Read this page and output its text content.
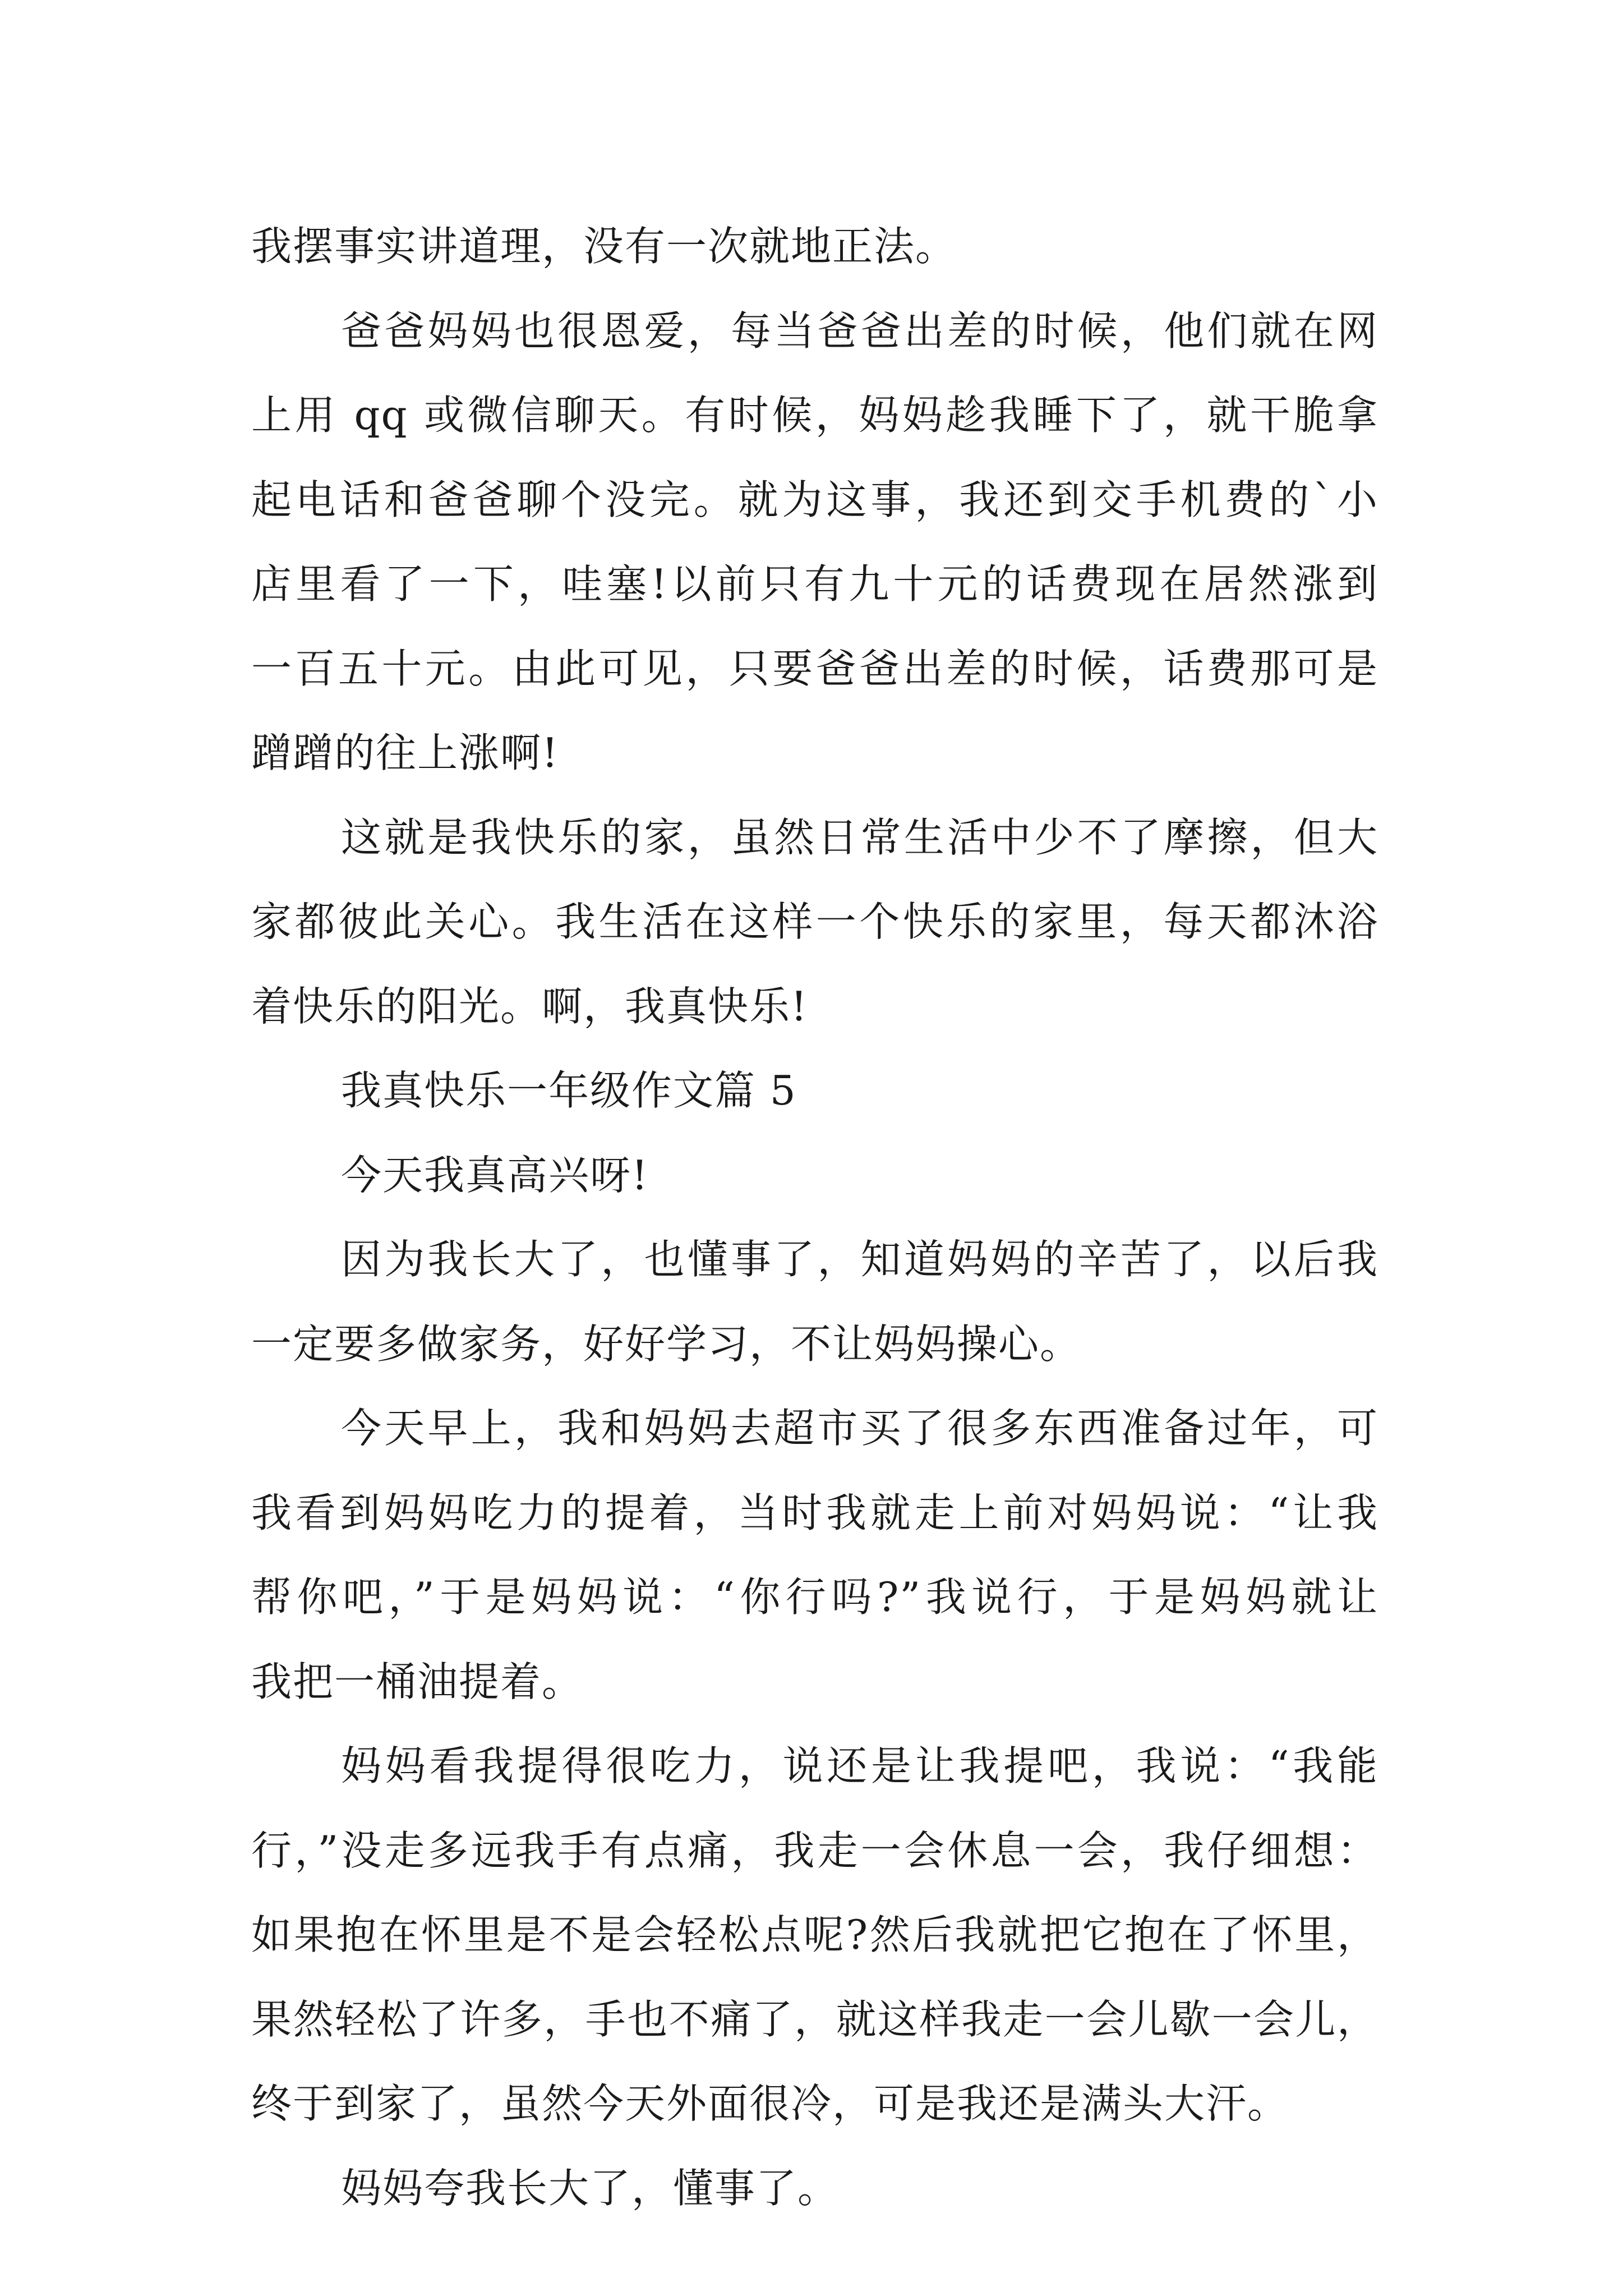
我摆事实讲道理，没有一次就地正法。
爸爸妈妈也很恩爱，每当爸爸出差的时候，他们就在网
上用 qq 或微信聊天。有时候，妈妈趁我睡下了，就干脆拿
起电话和爸爸聊个没完。就为这事，我还到交手机费的`小
店里看了一下，哇塞!以前只有九十元的话费现在居然涨到
一百五十元。由此可见，只要爸爸出差的时候，话费那可是
蹭蹭的往上涨啊!
这就是我快乐的家，虽然日常生活中少不了摩擦，但大
家都彼此关心。我生活在这样一个快乐的家里，每天都沐浴
着快乐的阳光。啊，我真快乐!
我真快乐一年级作文篇 5
今天我真高兴呀!
因为我长大了，也懂事了，知道妈妈的辛苦了，以后我
一定要多做家务，好好学习，不让妈妈操心。
今天早上，我和妈妈去超市买了很多东西准备过年，可
我看到妈妈吃力的提着，当时我就走上前对妈妈说：“让我
帮你吧，”于是妈妈说：“你行吗?”我说行，于是妈妈就让
我把一桶油提着。
妈妈看我提得很吃力，说还是让我提吧，我说：“我能
行，”没走多远我手有点痛，我走一会休息一会，我仔细想：
如果抱在怀里是不是会轻松点呢?然后我就把它抱在了怀里，
果然轻松了许多，手也不痛了，就这样我走一会儿歇一会儿，
终于到家了，虽然今天外面很冷，可是我还是满头大汗。
妈妈夸我长大了，懂事了。
